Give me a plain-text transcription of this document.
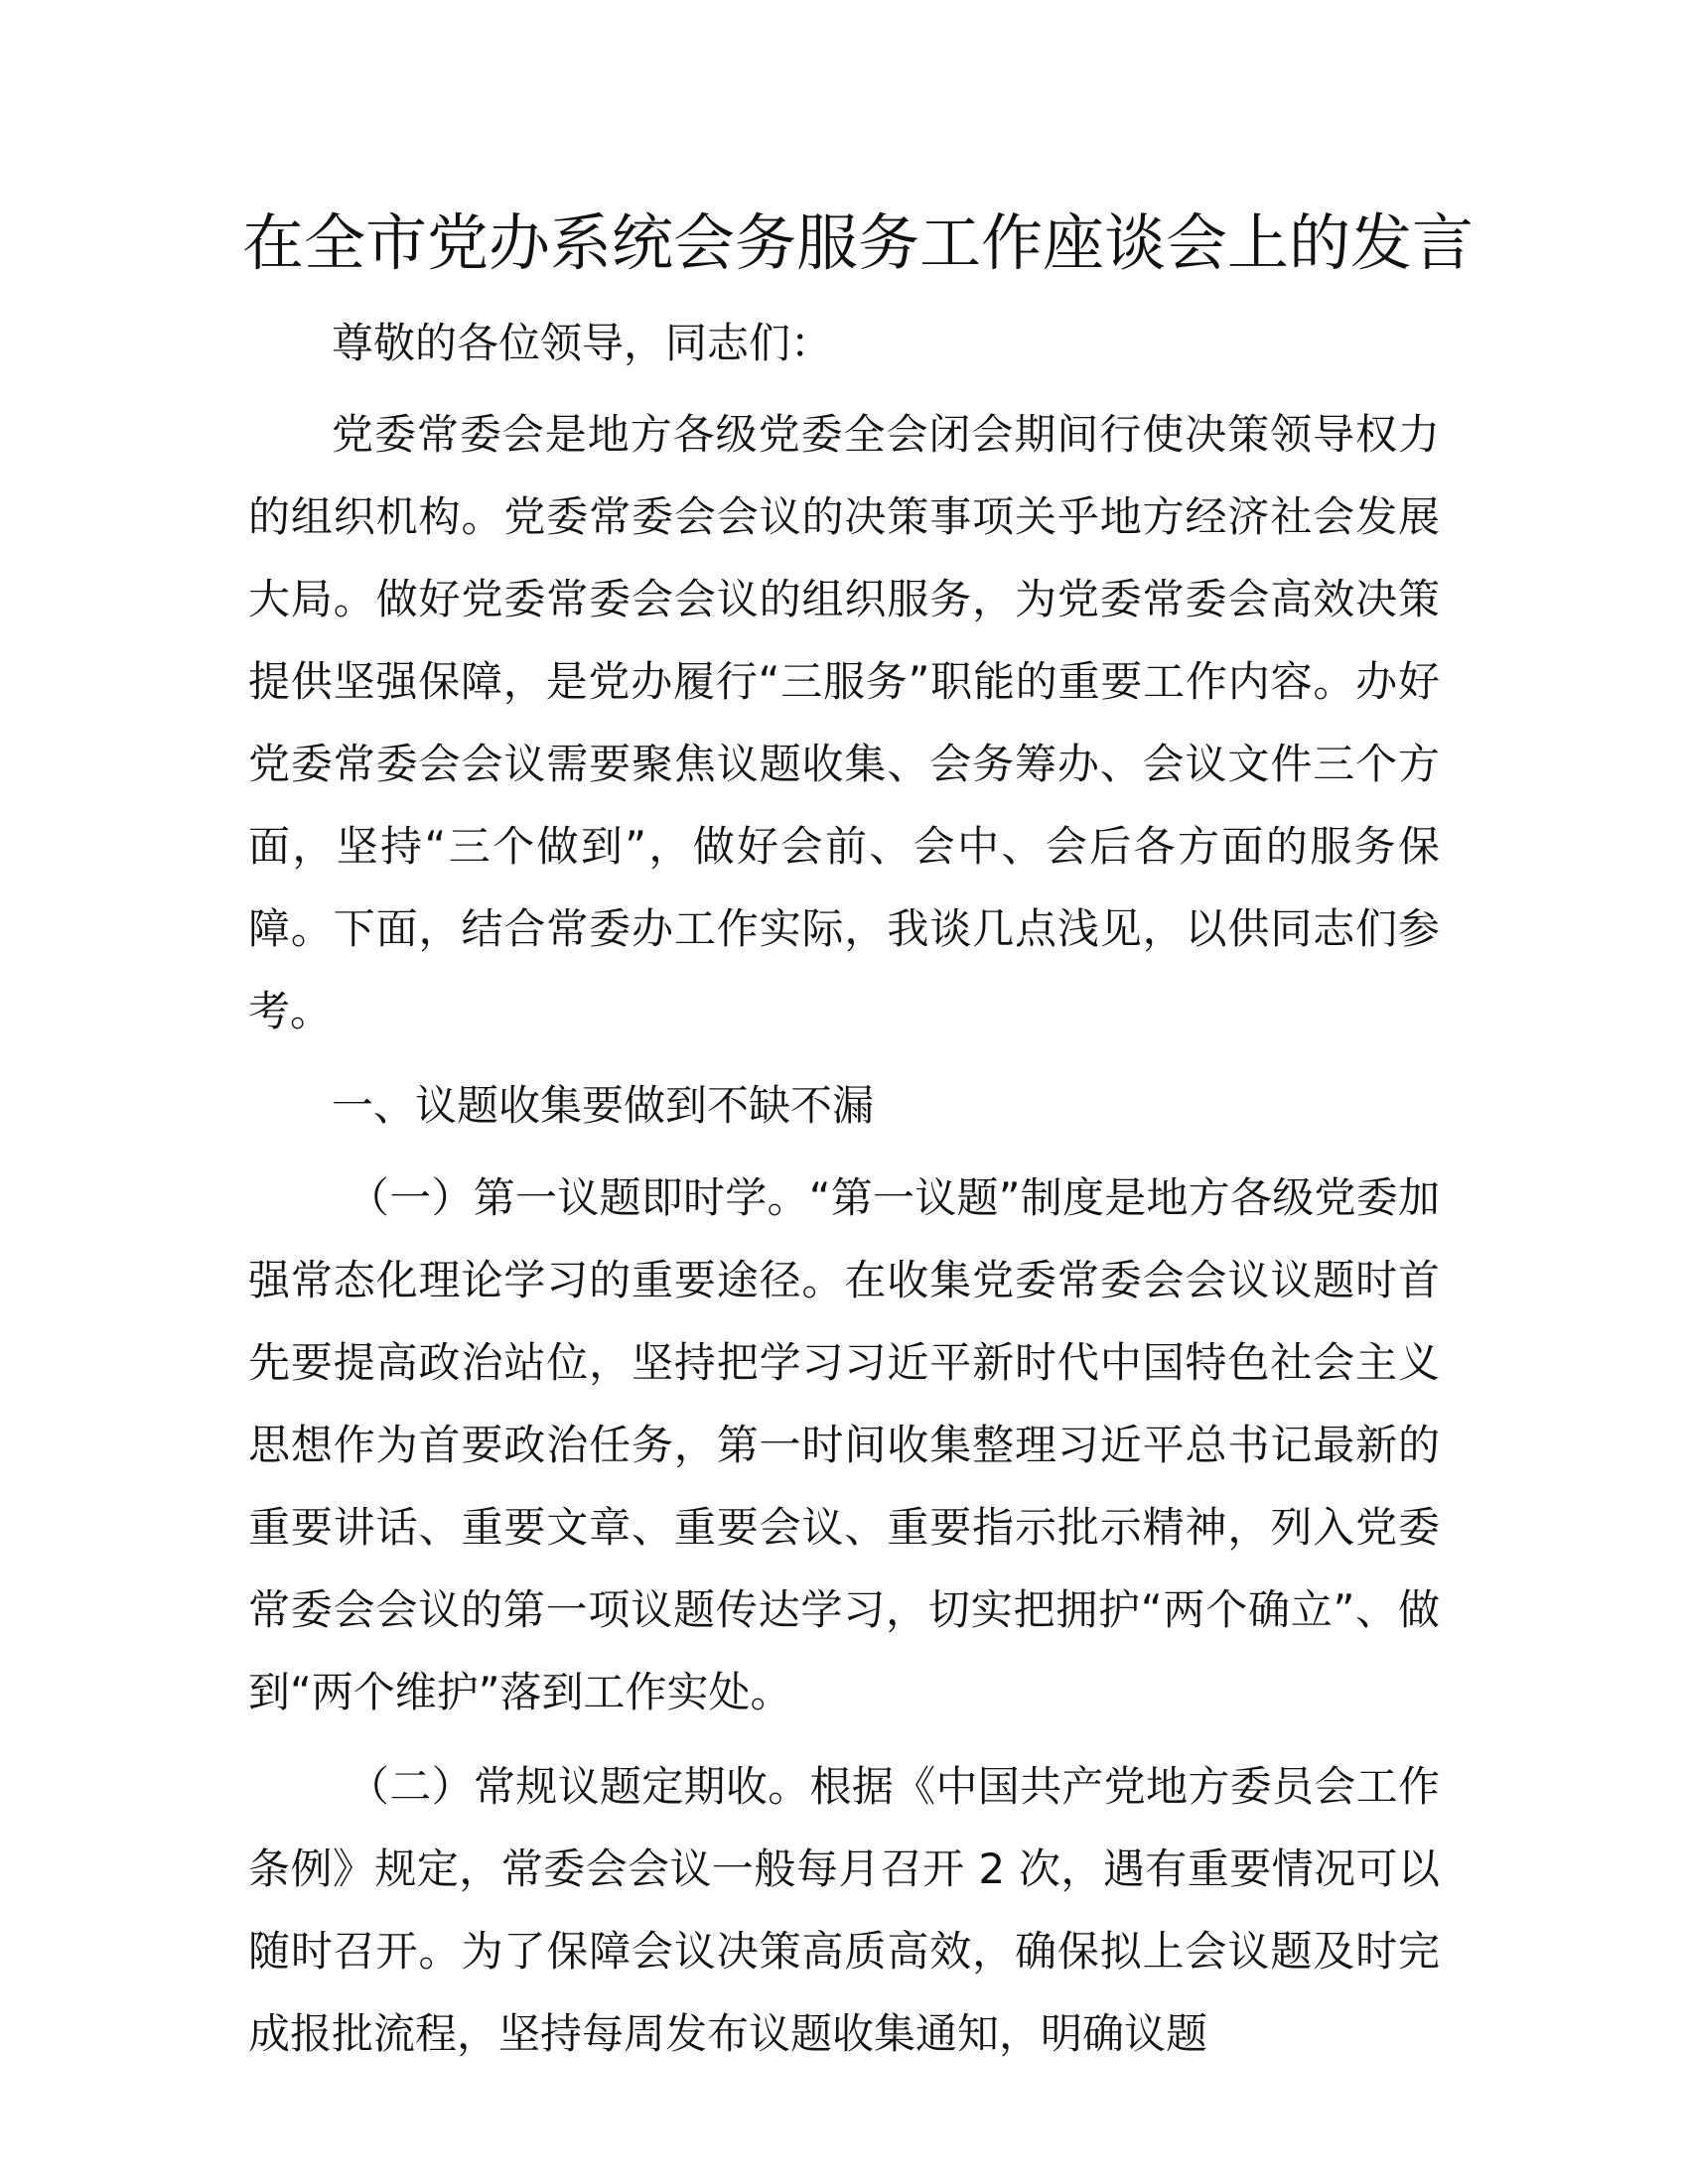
在全市党办系统会务服务工作座谈会上的发言

尊敬的各位领导，同志们：

党委常委会是地方各级党委全会闭会期间行使决策领导权力的组织机构。党委常委会会议的决策事项关乎地方经济社会发展大局。做好党委常委会会议的组织服务，为党委常委会高效决策提供坚强保障，是党办履行“三服务”职能的重要工作内容。办好党委常委会会议需要聚焦议题收集、会务筹办、会议文件三个方面，坚持“三个做到”，做好会前、会中、会后各方面的服务保障。下面，结合常委办工作实际，我谈几点浅见，以供同志们参考。

一、议题收集要做到不缺不漏

（一）第一议题即时学。“第一议题”制度是地方各级党委加强常态化理论学习的重要途径。在收集党委常委会会议议题时首先要提高政治站位，坚持把学习习近平新时代中国特色社会主义思想作为首要政治任务，第一时间收集整理习近平总书记最新的重要讲话、重要文章、重要会议、重要指示批示精神，列入党委常委会会议的第一项议题传达学习，切实把拥护“两个确立”、做到“两个维护”落到工作实处。

（二）常规议题定期收。根据《中国共产党地方委员会工作条例》规定，常委会会议一般每月召开 2 次，遇有重要情况可以随时召开。为了保障会议决策高质高效，确保拟上会议题及时完成报批流程，坚持每周发布议题收集通知，明确议题
